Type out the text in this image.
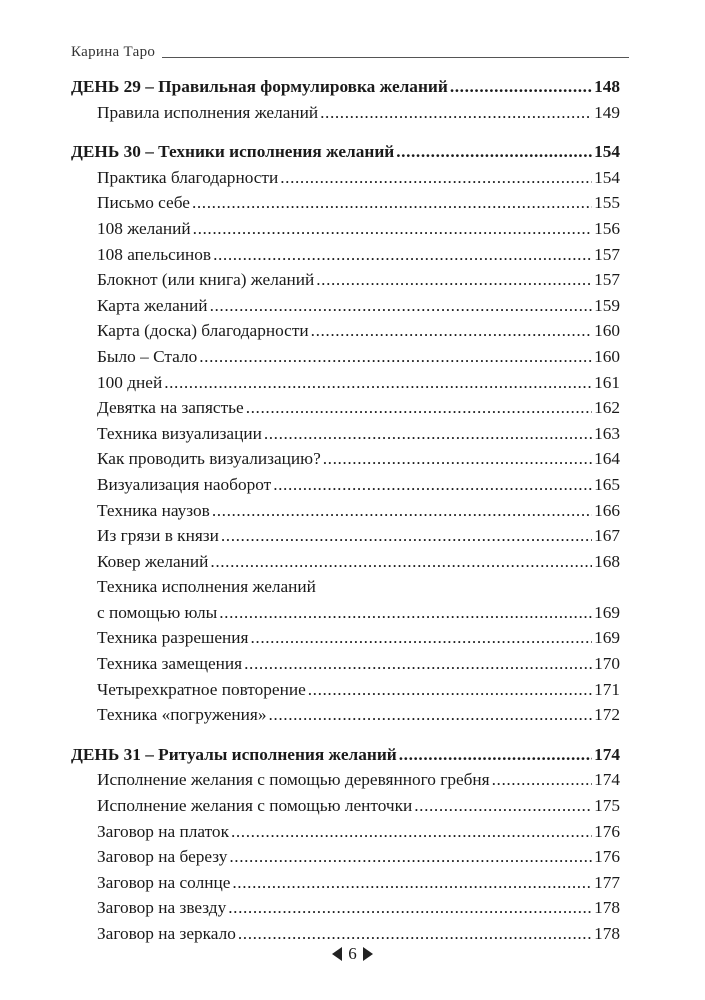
Карина Таро
ДЕНЬ 29 – Правильная формулировка желаний .....	148
Правила исполнения желаний .....	149
ДЕНЬ 30 – Техники исполнения желаний .....	154
Практика благодарности .....	154
Письмо себе .....	155
108 желаний .....	156
108 апельсинов .....	157
Блокнот (или книга) желаний .....	157
Карта желаний .....	159
Карта (доска) благодарности .....	160
Было – Стало .....	160
100 дней .....	161
Девятка на запястье .....	162
Техника визуализации .....	163
Как проводить визуализацию? .....	164
Визуализация наоборот .....	165
Техника наузов .....	166
Из грязи в князи .....	167
Ковер желаний .....	168
Техника исполнения желаний
с помощью юлы .....	169
Техника разрешения .....	169
Техника замещения .....	170
Четырехкратное повторение .....	171
Техника «погружения» .....	172
ДЕНЬ 31 – Ритуалы исполнения желаний .....	174
Исполнение желания с помощью деревянного гребня .....	174
Исполнение желания с помощью ленточки .....	175
Заговор на платок .....	176
Заговор на березу .....	176
Заговор на солнце .....	177
Заговор на звезду .....	178
Заговор на зеркало .....	178
6
